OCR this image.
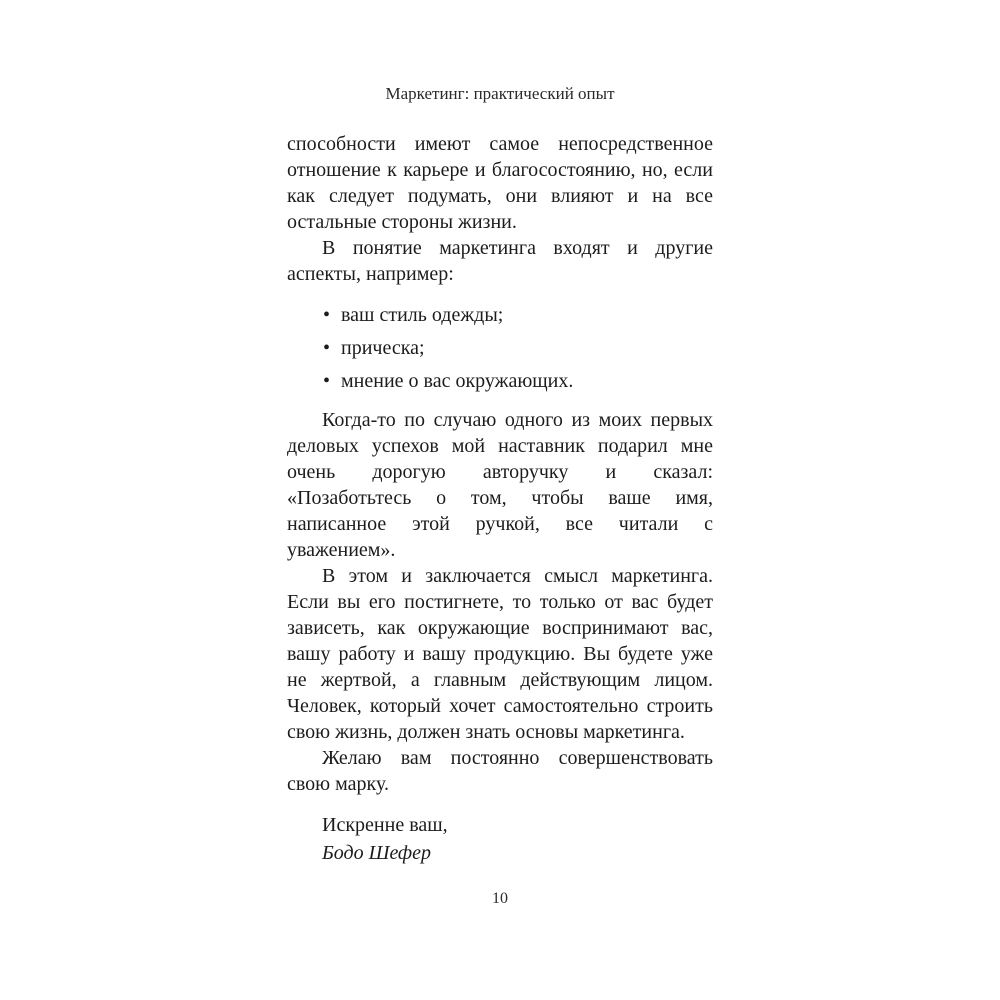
Маркетинг: практический опыт

способности имеют самое непосредственное отношение к карьере и благосостоянию, но, если как следует подумать, они влияют и на все остальные стороны жизни.

В понятие маркетинга входят и другие аспекты, например:

• ваш стиль одежды;
• прическа;
• мнение о вас окружающих.

Когда-то по случаю одного из моих первых деловых успехов мой наставник подарил мне очень дорогую авторучку и сказал: «Позаботьтесь о том, чтобы ваше имя, написанное этой ручкой, все читали с уважением».

В этом и заключается смысл маркетинга. Если вы его постигнете, то только от вас будет зависеть, как окружающие воспринимают вас, вашу работу и вашу продукцию. Вы будете уже не жертвой, а главным действующим лицом. Человек, который хочет самостоятельно строить свою жизнь, должен знать основы маркетинга.

Желаю вам постоянно совершенствовать свою марку.

Искренне ваш,
Бодо Шефер
10
